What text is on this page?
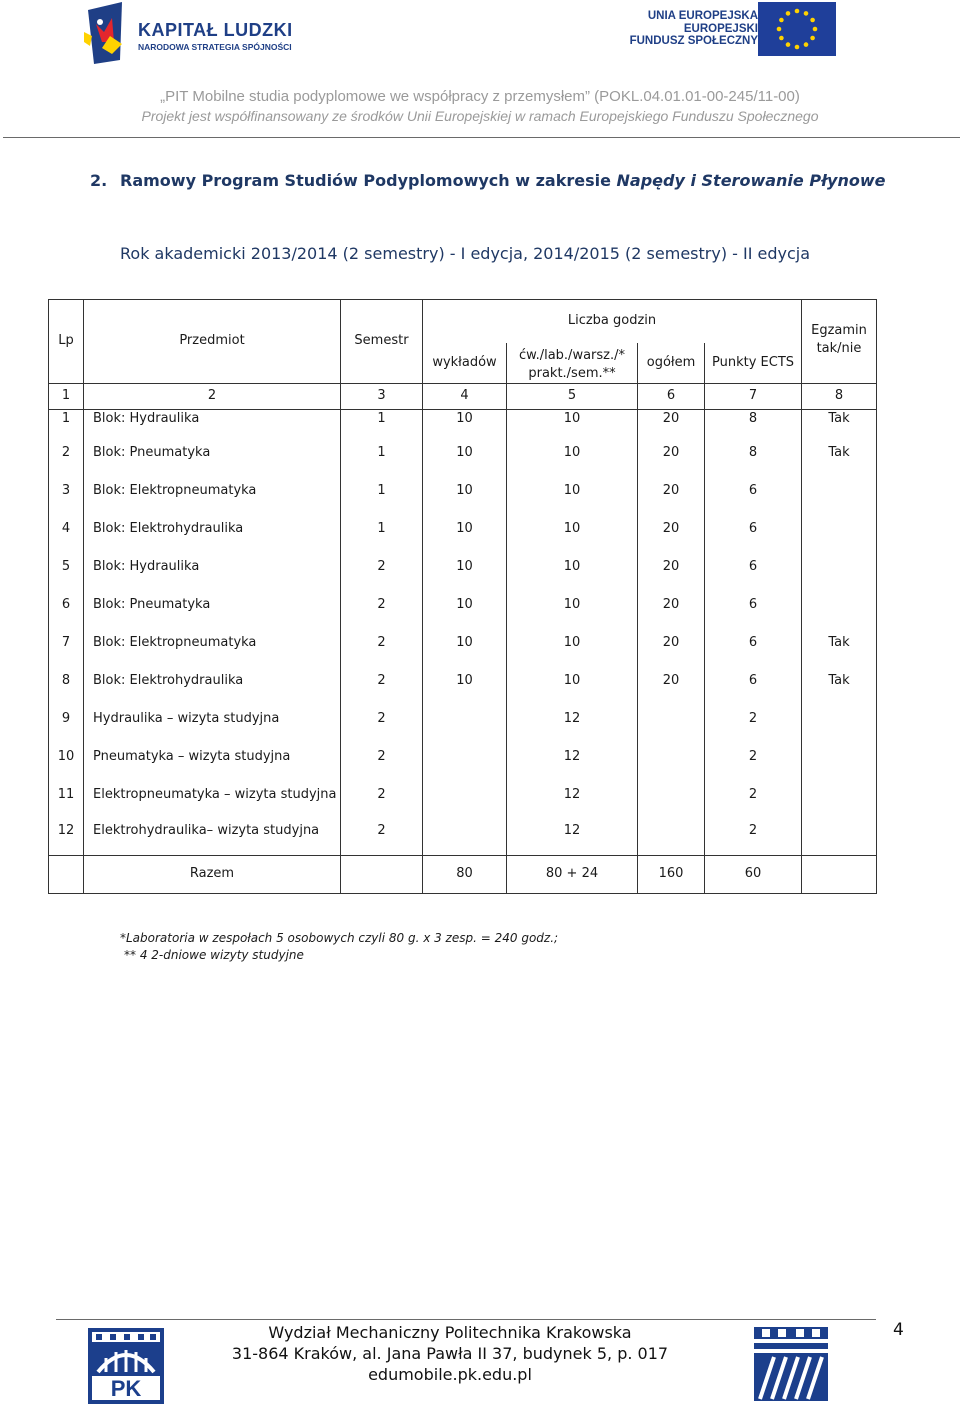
KAPITAŁ LUDZKI
NARODOWA STRATEGIA SPÓJNOŚCI
UNIA EUROPEJSKA
EUROPEJSKI
FUNDUSZ SPOŁECZNY
„PIT Mobilne studia podyplomowe we współpracy z przemysłem” (POKL.04.01.01-00-245/11-00)
Projekt jest współfinansowany ze środków Unii Europejskiej w ramach Europejskiego Funduszu Społecznego
2. Ramowy Program Studiów Podyplomowych w zakresie Napędy i Sterowanie Płynowe
Rok akademicki 2013/2014 (2 semestry) - I edycja, 2014/2015 (2 semestry) - II edycja
Lp	Przedmiot	Semestr	Liczba godzin				Egzamin
tak/nie

			wykładów	ćw./lab./warsz./*
prakt./sem.**	ogółem	Punkty ECTS	
1	2	3	4	5	6	7	8
1	Blok: Hydraulika	1	10	10	20	8	Tak
2	Blok: Pneumatyka	1	10	10	20	8	Tak
3	Blok: Elektropneumatyka	1	10	10	20	6	
4	Blok: Elektrohydraulika	1	10	10	20	6	
5	Blok: Hydraulika	2	10	10	20	6	
6	Blok: Pneumatyka	2	10	10	20	6	
7	Blok: Elektropneumatyka	2	10	10	20	6	Tak
8	Blok: Elektrohydraulika	2	10	10	20	6	Tak
9	Hydraulika – wizyta studyjna	2		12		2	
10	Pneumatyka – wizyta studyjna	2		12		2	
11	Elektropneumatyka – wizyta studyjna	2		12		2	
12	Elektrohydraulika– wizyta studyjna	2		12		2	
	Razem		80	80 + 24	160	60	
*Laboratoria w zespołach 5 osobowych czyli 80 g. x 3 zesp. = 240 godz.;
** 4 2-dniowe wizyty studyjne
PK
Wydział Mechaniczny Politechnika Krakowska
31-864 Kraków, al. Jana Pawła II 37, budynek 5, p. 017
edumobile.pk.edu.pl
4
